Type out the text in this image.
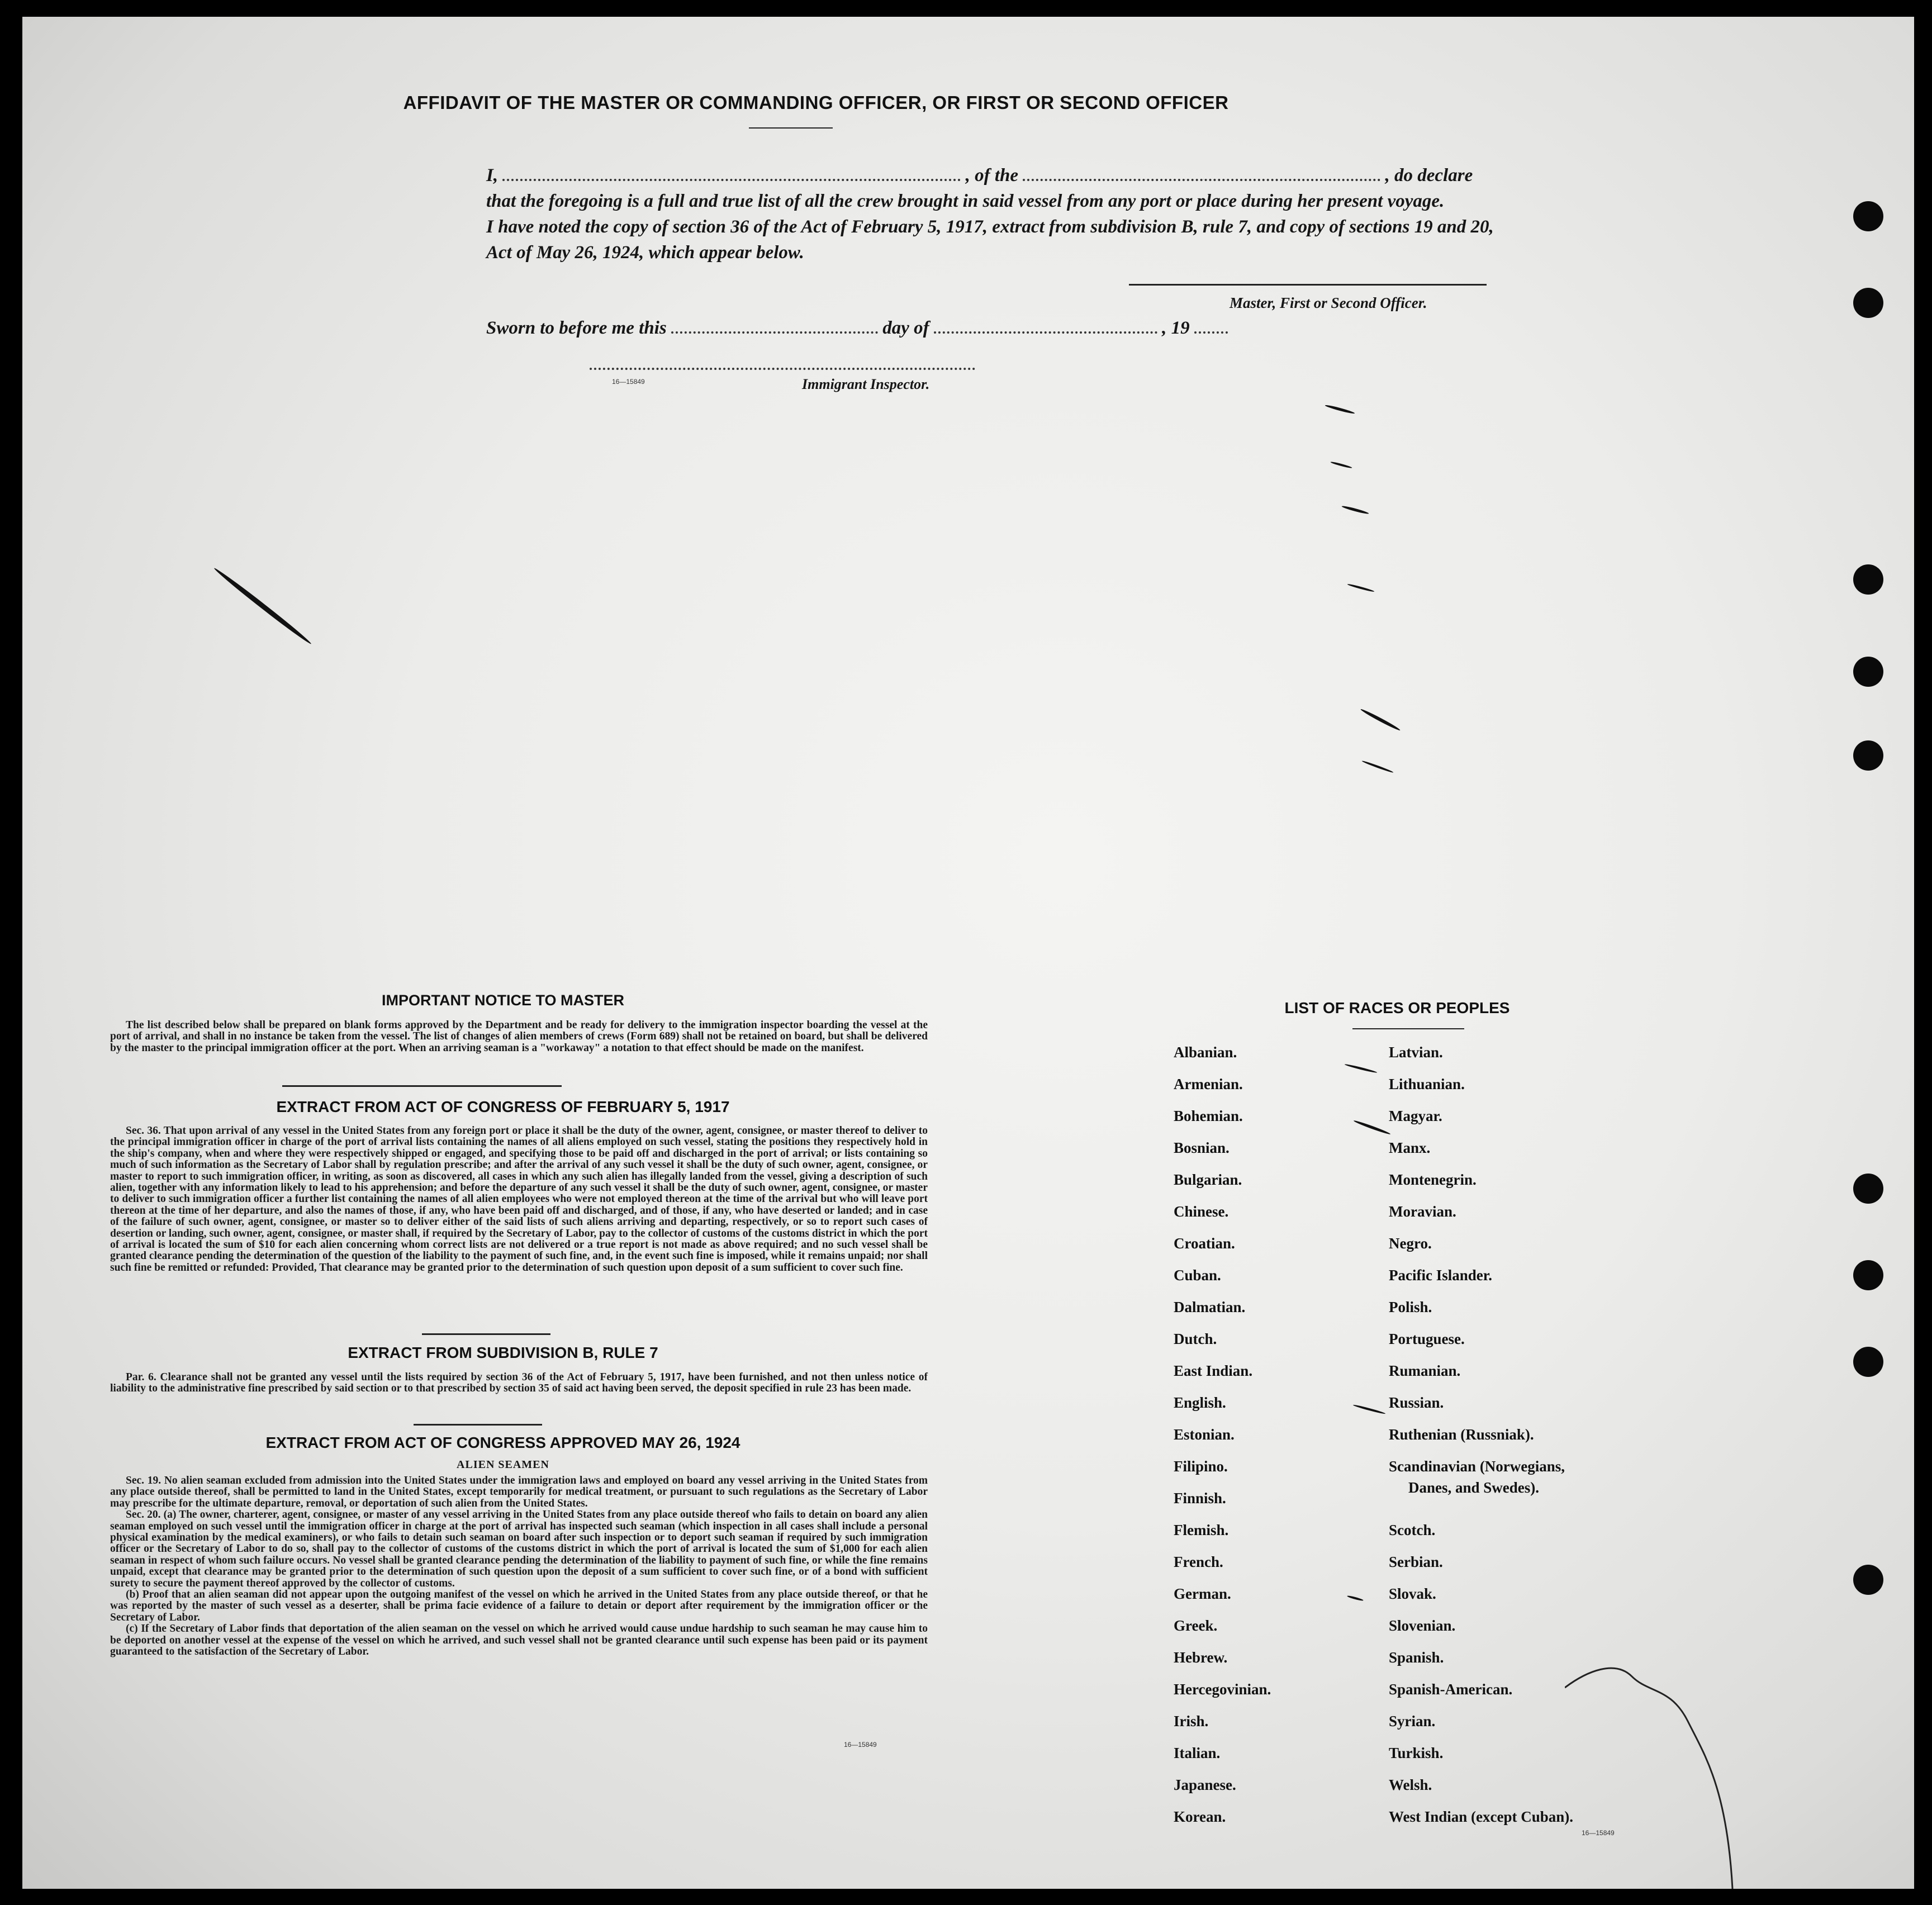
AFFIDAVIT OF THE MASTER OR COMMANDING OFFICER, OR FIRST OR SECOND OFFICER
I,	, of the	, do declare
that the foregoing is a full and true list of all the crew brought in said vessel from any port or place during her present voyage.
I have noted the copy of section 36 of the Act of February 5, 1917, extract from subdivision B, rule 7, and copy of sections 19 and 20,
Act of May 26, 1924, which appear below.
Master, First or Second Officer.
Sworn to before me this	day of	, 19
16—15849	Immigrant Inspector.
IMPORTANT NOTICE TO MASTER

The list described below shall be prepared on blank forms approved by the Department and be ready for delivery to the immigration inspector boarding the vessel at the port of arrival, and shall in no instance be taken from the vessel. The list of changes of alien members of crews (Form 689) shall not be retained on board, but shall be delivered by the master to the principal immigration officer at the port. When an arriving seaman is a "workaway" a notation to that effect should be made on the manifest.

EXTRACT FROM ACT OF CONGRESS OF FEBRUARY 5, 1917

Sec. 36. That upon arrival of any vessel in the United States from any foreign port or place it shall be the duty of the owner, agent, consignee, or master thereof to deliver to the principal immigration officer in charge of the port of arrival lists containing the names of all aliens employed on such vessel, stating the positions they respectively hold in the ship's company, when and where they were respectively shipped or engaged, and specifying those to be paid off and discharged in the port of arrival; or lists containing so much of such information as the Secretary of Labor shall by regulation prescribe; and after the arrival of any such vessel it shall be the duty of such owner, agent, consignee, or master to report to such immigration officer, in writing, as soon as discovered, all cases in which any such alien has illegally landed from the vessel, giving a description of such alien, together with any information likely to lead to his apprehension; and before the departure of any such vessel it shall be the duty of such owner, agent, consignee, or master to deliver to such immigration officer a further list containing the names of all alien employees who were not employed thereon at the time of the arrival but who will leave port thereon at the time of her departure, and also the names of those, if any, who have been paid off and discharged, and of those, if any, who have deserted or landed; and in case of the failure of such owner, agent, consignee, or master so to deliver either of the said lists of such aliens arriving and departing, respectively, or so to report such cases of desertion or landing, such owner, agent, consignee, or master shall, if required by the Secretary of Labor, pay to the collector of customs of the customs district in which the port of arrival is located the sum of $10 for each alien concerning whom correct lists are not delivered or a true report is not made as above required; and no such vessel shall be granted clearance pending the determination of the question of the liability to the payment of such fine, and, in the event such fine is imposed, while it remains unpaid; nor shall such fine be remitted or refunded: Provided, That clearance may be granted prior to the determination of such question upon deposit of a sum sufficient to cover such fine.

EXTRACT FROM SUBDIVISION B, RULE 7

Par. 6. Clearance shall not be granted any vessel until the lists required by section 36 of the Act of February 5, 1917, have been furnished, and not then unless notice of liability to the administrative fine prescribed by said section or to that prescribed by section 35 of said act having been served, the deposit specified in rule 23 has been made.

EXTRACT FROM ACT OF CONGRESS APPROVED MAY 26, 1924
ALIEN SEAMEN

Sec. 19. No alien seaman excluded from admission into the United States under the immigration laws and employed on board any vessel arriving in the United States from any place outside thereof, shall be permitted to land in the United States, except temporarily for medical treatment, or pursuant to such regulations as the Secretary of Labor may prescribe for the ultimate departure, removal, or deportation of such alien from the United States.

Sec. 20. (a) The owner, charterer, agent, consignee, or master of any vessel arriving in the United States from any place outside thereof who fails to detain on board any alien seaman employed on such vessel until the immigration officer in charge at the port of arrival has inspected such seaman (which inspection in all cases shall include a personal physical examination by the medical examiners), or who fails to detain such seaman on board after such inspection or to deport such seaman if required by such immigration officer or the Secretary of Labor to do so, shall pay to the collector of customs of the customs district in which the port of arrival is located the sum of $1,000 for each alien seaman in respect of whom such failure occurs. No vessel shall be granted clearance pending the determination of the liability to payment of such fine, or while the fine remains unpaid, except that clearance may be granted prior to the determination of such question upon the deposit of a sum sufficient to cover such fine, or of a bond with sufficient surety to secure the payment thereof approved by the collector of customs.

(b) Proof that an alien seaman did not appear upon the outgoing manifest of the vessel on which he arrived in the United States from any place outside thereof, or that he was reported by the master of such vessel as a deserter, shall be prima facie evidence of a failure to detain or deport after requirement by the immigration officer or the Secretary of Labor.

(c) If the Secretary of Labor finds that deportation of the alien seaman on the vessel on which he arrived would cause undue hardship to such seaman he may cause him to be deported on another vessel at the expense of the vessel on which he arrived, and such vessel shall not be granted clearance until such expense has been paid or its payment guaranteed to the satisfaction of the Secretary of Labor.

16—15849
LIST OF RACES OR PEOPLES
Albanian.
Armenian.
Bohemian.
Bosnian.
Bulgarian.
Chinese.
Croatian.
Cuban.
Dalmatian.
Dutch.
East Indian.
English.
Estonian.
Filipino.
Finnish.
Flemish.
French.
German.
Greek.
Hebrew.
Hercegovinian.
Irish.
Italian.
Japanese.
Korean.
Latvian.
Lithuanian.
Magyar.
Manx.
Montenegrin.
Moravian.
Negro.
Pacific Islander.
Polish.
Portuguese.
Rumanian.
Russian.
Ruthenian (Russniak).
Scandinavian (Norwegians,
Danes, and Swedes).
Scotch.
Serbian.
Slovak.
Slovenian.
Spanish.
Spanish-American.
Syrian.
Turkish.
Welsh.
West Indian (except Cuban).
16—15849
